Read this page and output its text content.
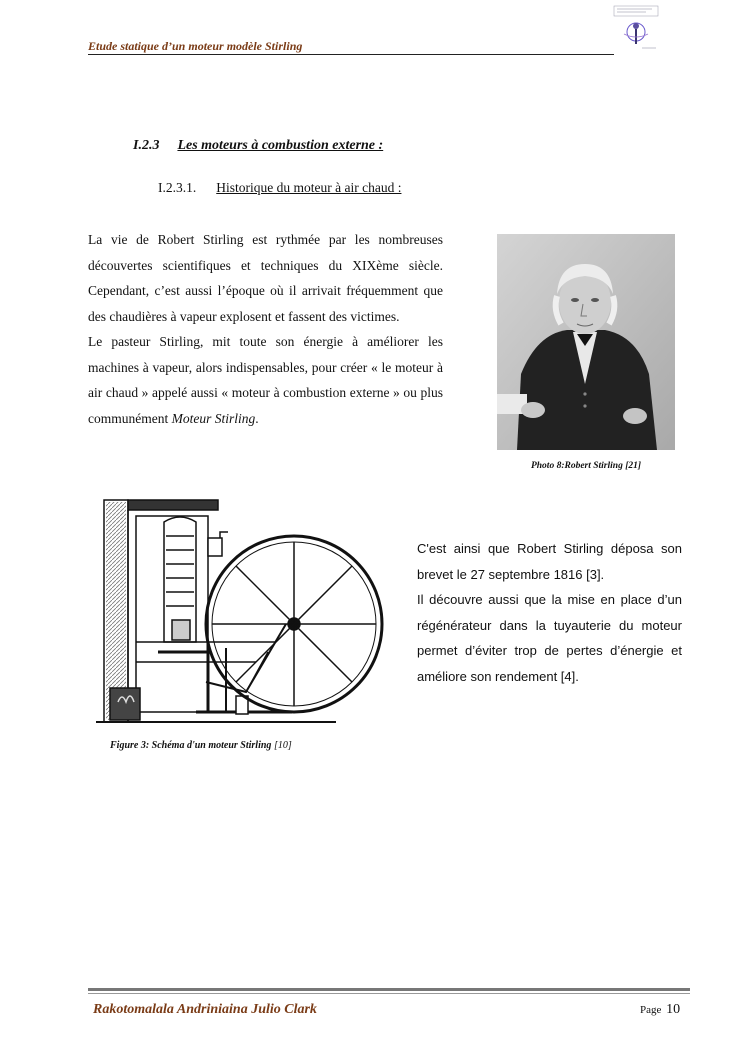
Etude statique d’un moteur modèle Stirling
I.2.3 Les moteurs à combustion externe :
I.2.3.1. Historique du moteur à air chaud :
La vie de Robert Stirling est rythmée par les nombreuses découvertes scientifiques et techniques du XIXème siècle. Cependant, c’est aussi l’époque où il arrivait fréquemment que des chaudières à vapeur explosent et fassent des victimes.
Le pasteur Stirling, mit toute son énergie à améliorer les machines à vapeur, alors indispensables, pour créer « le moteur à air chaud » appelé aussi « moteur à combustion externe » ou plus communément Moteur Stirling.
Photo 8:Robert Stirling [21]
Figure 3: Schéma d'un moteur Stirling [10]
C'est ainsi que Robert Stirling déposa son brevet le 27 septembre 1816 [3].
Il découvre aussi que la mise en place d’un régénérateur dans la tuyauterie du moteur permet d’éviter trop de pertes d’énergie et améliore son rendement [4].
Rakotomalala Andriniaina Julio Clark	Page 10
